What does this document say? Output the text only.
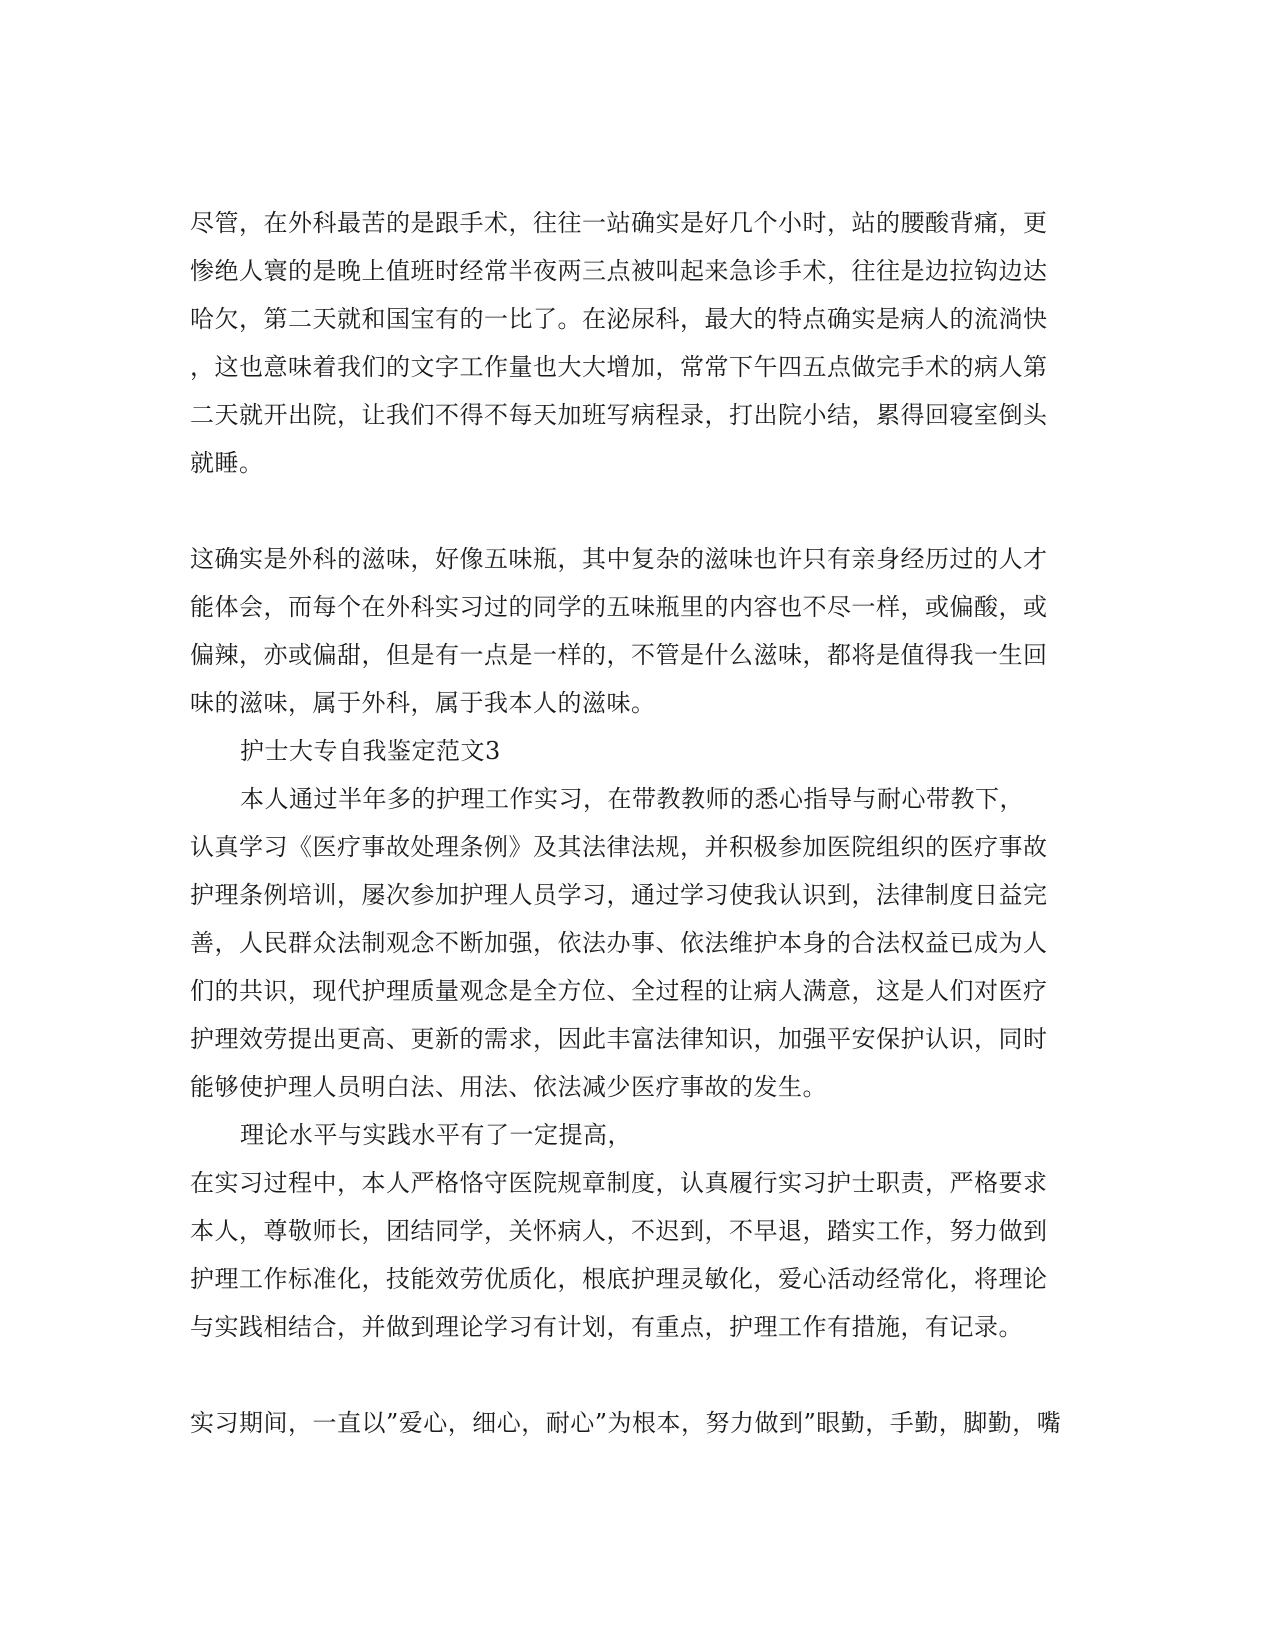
尽管，在外科最苦的是跟手术，往往一站确实是好几个小时，站的腰酸背痛，更
惨绝人寰的是晚上值班时经常半夜两三点被叫起来急诊手术，往往是边拉钩边达
哈欠，第二天就和国宝有的一比了。在泌尿科，最大的特点确实是病人的流淌快
，这也意味着我们的文字工作量也大大增加，常常下午四五点做完手术的病人第
二天就开出院，让我们不得不每天加班写病程录，打出院小结，累得回寝室倒头
就睡。
这确实是外科的滋味，好像五味瓶，其中复杂的滋味也许只有亲身经历过的人才
能体会，而每个在外科实习过的同学的五味瓶里的内容也不尽一样，或偏酸，或
偏辣，亦或偏甜，但是有一点是一样的，不管是什么滋味，都将是值得我一生回
味的滋味，属于外科，属于我本人的滋味。
护士大专自我鉴定范文3
本人通过半年多的护理工作实习，在带教教师的悉心指导与耐心带教下，
认真学习《医疗事故处理条例》及其法律法规，并积极参加医院组织的医疗事故
护理条例培训，屡次参加护理人员学习，通过学习使我认识到，法律制度日益完
善，人民群众法制观念不断加强，依法办事、依法维护本身的合法权益已成为人
们的共识，现代护理质量观念是全方位、全过程的让病人满意，这是人们对医疗
护理效劳提出更高、更新的需求，因此丰富法律知识，加强平安保护认识，同时
能够使护理人员明白法、用法、依法减少医疗事故的发生。
理论水平与实践水平有了一定提高，
在实习过程中，本人严格恪守医院规章制度，认真履行实习护士职责，严格要求
本人，尊敬师长，团结同学，关怀病人，不迟到，不早退，踏实工作，努力做到
护理工作标准化，技能效劳优质化，根底护理灵敏化，爱心活动经常化，将理论
与实践相结合，并做到理论学习有计划，有重点，护理工作有措施，有记录。
实习期间，一直以”爱心，细心，耐心”为根本，努力做到”眼勤，手勤，脚勤，嘴
